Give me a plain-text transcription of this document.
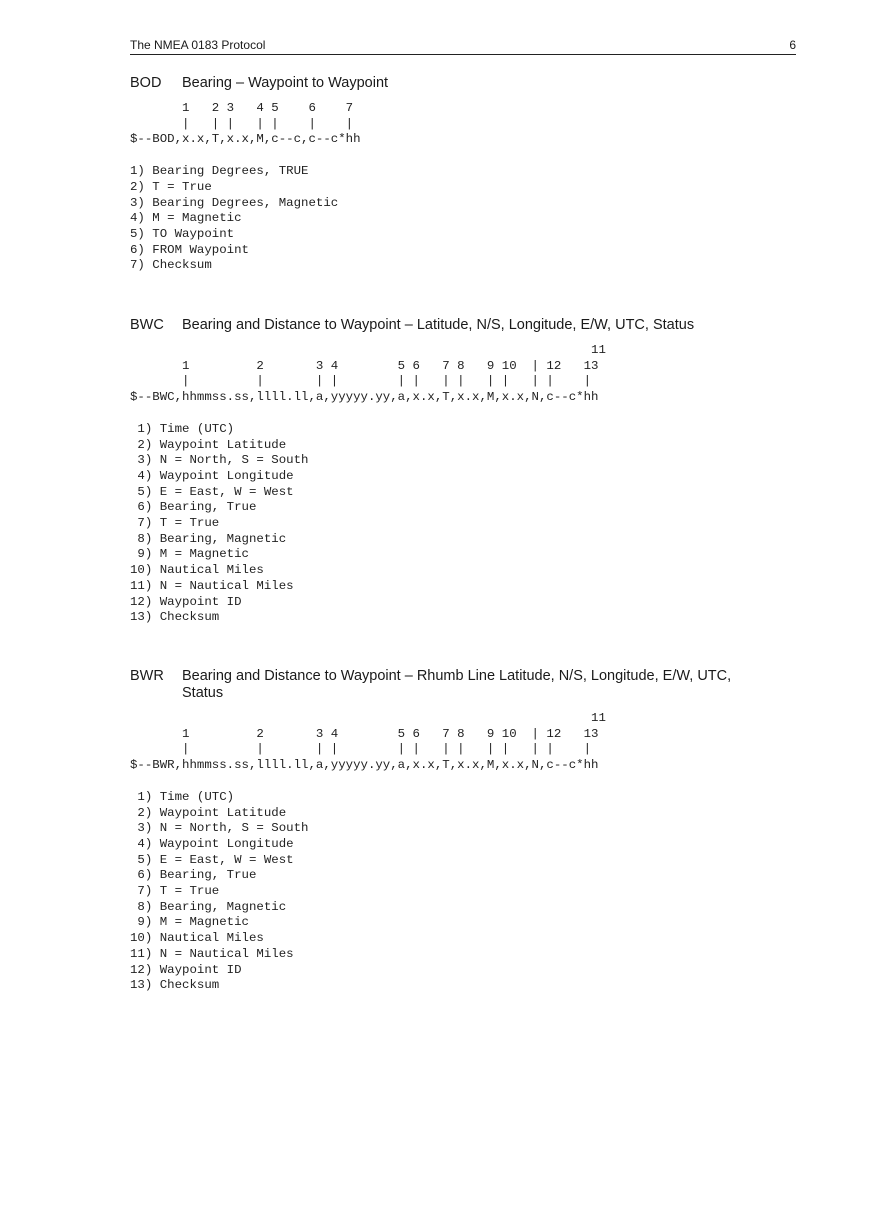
The NMEA 0183 Protocol	6
BOD Bearing – Waypoint to Waypoint
1   2 3   4 5    6    7
|   | |   | |    |    |
$--BOD,x.x,T,x.x,M,c--c,c--c*hh
1) Bearing Degrees, TRUE
2) T = True
3) Bearing Degrees, Magnetic
4) M = Magnetic
5) TO Waypoint
6) FROM Waypoint
7) Checksum
BWC Bearing and Distance to Waypoint – Latitude, N/S, Longitude, E/W, UTC, Status
11
1         2       3 4        5 6   7 8   9 10  | 12   13
|         |       | |        | |   | |   | |   | |    |
$--BWC,hhmmss.ss,llll.ll,a,yyyyy.yy,a,x.x,T,x.x,M,x.x,N,c--c*hh
1) Time (UTC)
2) Waypoint Latitude
3) N = North, S = South
4) Waypoint Longitude
5) E = East, W = West
6) Bearing, True
7) T = True
8) Bearing, Magnetic
9) M = Magnetic
10) Nautical Miles
11) N = Nautical Miles
12) Waypoint ID
13) Checksum
BWR Bearing and Distance to Waypoint – Rhumb Line Latitude, N/S, Longitude, E/W, UTC, Status
11
1         2       3 4        5 6   7 8   9 10  | 12   13
|         |       | |        | |   | |   | |   | |    |
$--BWR,hhmmss.ss,llll.ll,a,yyyyy.yy,a,x.x,T,x.x,M,x.x,N,c--c*hh
1) Time (UTC)
2) Waypoint Latitude
3) N = North, S = South
4) Waypoint Longitude
5) E = East, W = West
6) Bearing, True
7) T = True
8) Bearing, Magnetic
9) M = Magnetic
10) Nautical Miles
11) N = Nautical Miles
12) Waypoint ID
13) Checksum
